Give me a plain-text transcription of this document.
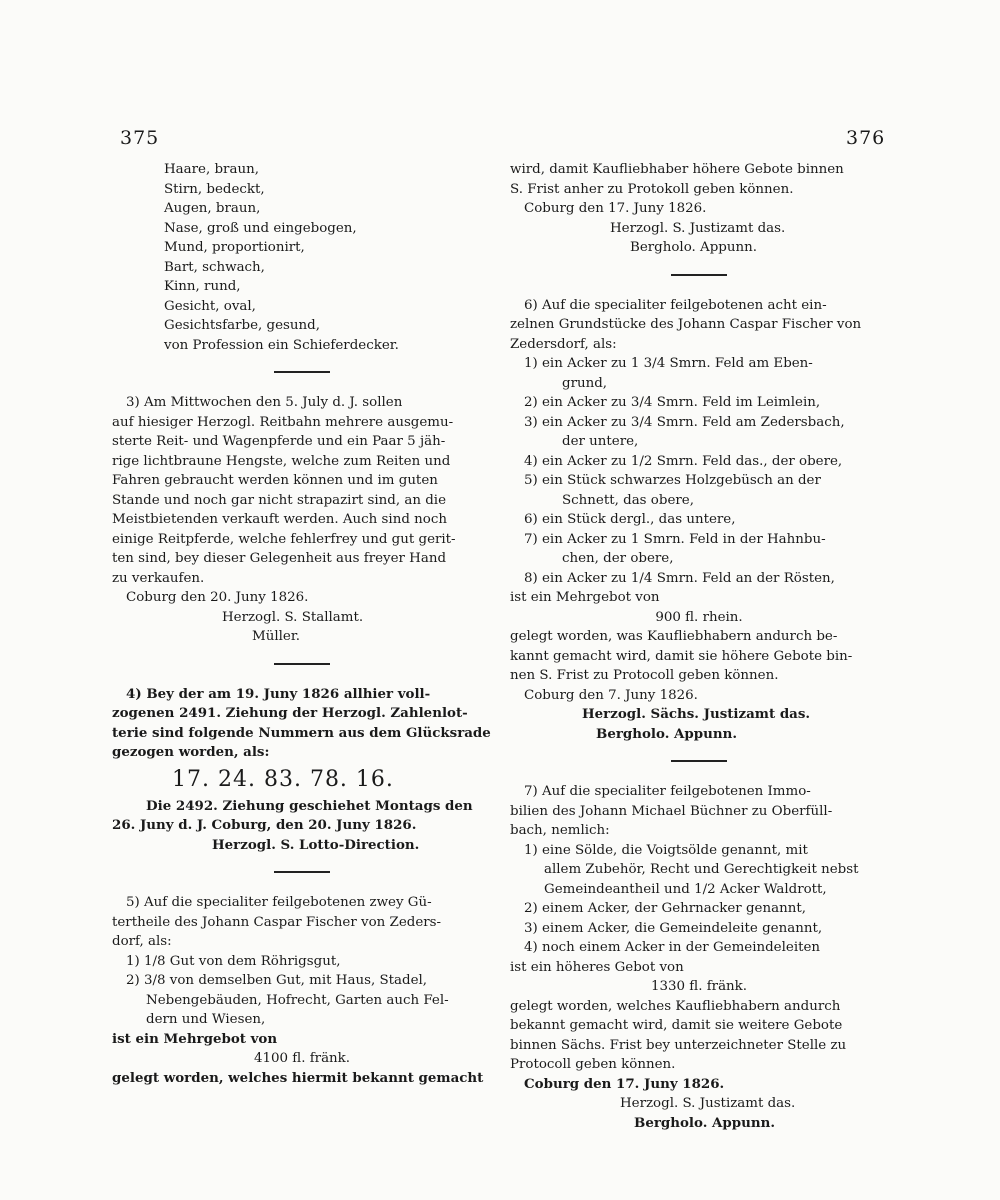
375	376
Haare, braun,
Stirn, bedeckt,
Augen, braun,
Nase, groß und eingebogen,
Mund, proportionirt,
Bart, schwach,
Kinn, rund,
Gesicht, oval,
Gesichtsfarbe, gesund,
von Profession ein Schieferdecker.
3) Am Mittwochen den 5. July d. J. sollen
auf hiesiger Herzogl. Reitbahn mehrere ausgemu-
sterte Reit- und Wagenpferde und ein Paar 5 jäh-
rige lichtbraune Hengste, welche zum Reiten und
Fahren gebraucht werden können und im guten
Stande und noch gar nicht strapazirt sind, an die
Meistbietenden verkauft werden. Auch sind noch
einige Reitpferde, welche fehlerfrey und gut gerit-
ten sind, bey dieser Gelegenheit aus freyer Hand
zu verkaufen.
Coburg den 20. Juny 1826.
Herzogl. S. Stallamt.
Müller.
4) Bey der am 19. Juny 1826 allhier voll-
zogenen 2491. Ziehung der Herzogl. Zahlenlot-
terie sind folgende Nummern aus dem Glücksrade
gezogen worden, als:
17. 24. 83. 78. 16.
Die 2492. Ziehung geschiehet Montags den
26. Juny d. J. Coburg, den 20. Juny 1826.
Herzogl. S. Lotto-Direction.
5) Auf die specialiter feilgebotenen zwey Gü-
tertheile des Johann Caspar Fischer von Zeders-
dorf, als:
1) 1/8 Gut von dem Röhrigsgut,
2) 3/8 von demselben Gut, mit Haus, Stadel,
Nebengebäuden, Hofrecht, Garten auch Fel-
dern und Wiesen,
ist ein Mehrgebot von
4100 fl. fränk.
gelegt worden, welches hiermit bekannt gemacht
wird, damit Kaufliebhaber höhere Gebote binnen
S. Frist anher zu Protokoll geben können.
Coburg den 17. Juny 1826.
Herzogl. S. Justizamt das.
Bergholo. Appunn.
6) Auf die specialiter feilgebotenen acht ein-
zelnen Grundstücke des Johann Caspar Fischer von
Zedersdorf, als:
1) ein Acker zu 1 3/4 Smrn. Feld am Eben-
grund,
2) ein Acker zu 3/4 Smrn. Feld im Leimlein,
3) ein Acker zu 3/4 Smrn. Feld am Zedersbach,
der untere,
4) ein Acker zu 1/2 Smrn. Feld das., der obere,
5) ein Stück schwarzes Holzgebüsch an der
Schnett, das obere,
6) ein Stück dergl., das untere,
7) ein Acker zu 1 Smrn. Feld in der Hahnbu-
chen, der obere,
8) ein Acker zu 1/4 Smrn. Feld an der Rösten,
ist ein Mehrgebot von
900 fl. rhein.
gelegt worden, was Kaufliebhabern andurch be-
kannt gemacht wird, damit sie höhere Gebote bin-
nen S. Frist zu Protocoll geben können.
Coburg den 7. Juny 1826.
Herzogl. Sächs. Justizamt das.
Bergholo. Appunn.
7) Auf die specialiter feilgebotenen Immo-
bilien des Johann Michael Büchner zu Oberfüll-
bach, nemlich:
1) eine Sölde, die Voigtsölde genannt, mit
allem Zubehör, Recht und Gerechtigkeit nebst
Gemeindeantheil und 1/2 Acker Waldrott,
2) einem Acker, der Gehrnacker genannt,
3) einem Acker, die Gemeindeleite genannt,
4) noch einem Acker in der Gemeindeleiten
ist ein höheres Gebot von
1330 fl. fränk.
gelegt worden, welches Kaufliebhabern andurch
bekannt gemacht wird, damit sie weitere Gebote
binnen Sächs. Frist bey unterzeichneter Stelle zu
Protocoll geben können.
Coburg den 17. Juny 1826.
Herzogl. S. Justizamt das.
Bergholo. Appunn.
